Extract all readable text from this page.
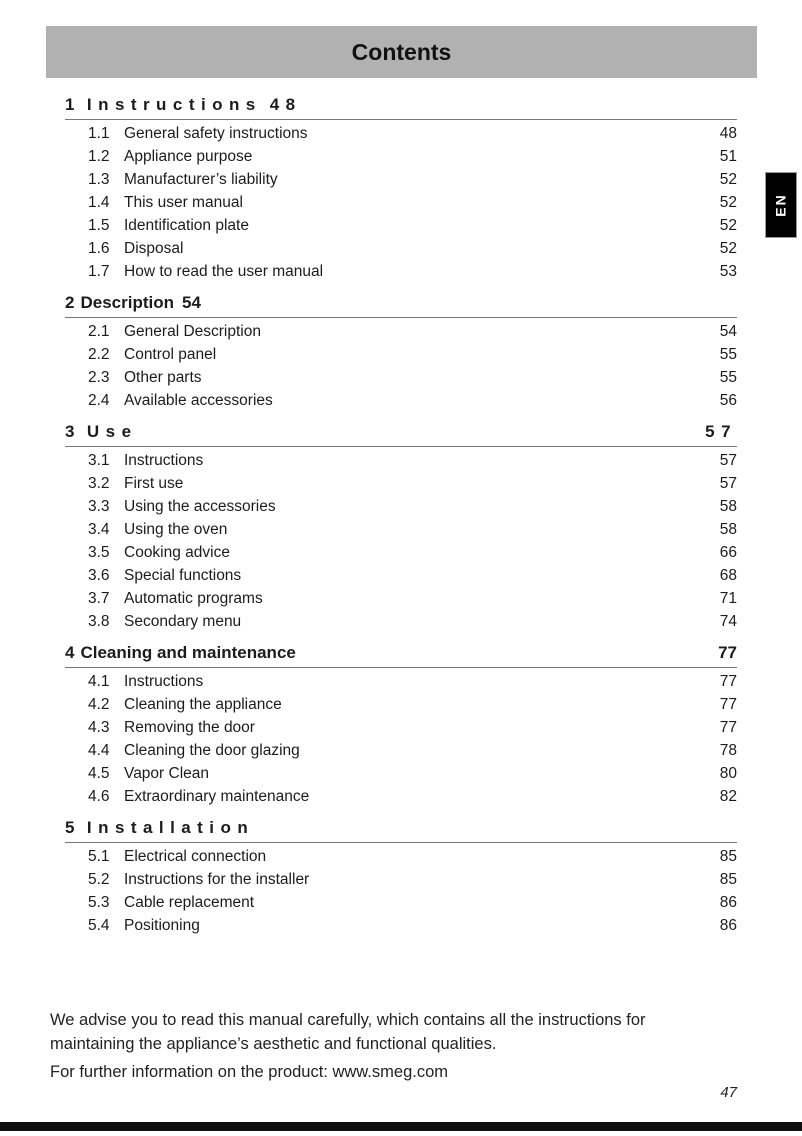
Contents
EN
1 Instructions 48
1.1 General safety instructions	48
1.2 Appliance purpose	51
1.3 Manufacturer’s liability	52
1.4 This user manual	52
1.5 Identification plate	52
1.6 Disposal	52
1.7 How to read the user manual	53
2 Description 54
2.1 General Description	54
2.2 Control panel	55
2.3 Other parts	55
2.4 Available accessories	56
3 Use	57
3.1 Instructions	57
3.2 First use	57
3.3 Using the accessories	58
3.4 Using the oven	58
3.5 Cooking advice	66
3.6 Special functions	68
3.7 Automatic programs	71
3.8 Secondary menu	74
4 Cleaning and maintenance	77
4.1 Instructions	77
4.2 Cleaning the appliance	77
4.3 Removing the door	77
4.4 Cleaning the door glazing	78
4.5 Vapor Clean	80
4.6 Extraordinary maintenance	82
5 Installation
5.1 Electrical connection	85
5.2 Instructions for the installer	85
5.3 Cable replacement	86
5.4 Positioning	86
We advise you to read this manual carefully, which contains all the instructions for maintaining the appliance’s aesthetic and functional qualities.
For further information on the product: www.smeg.com
47
